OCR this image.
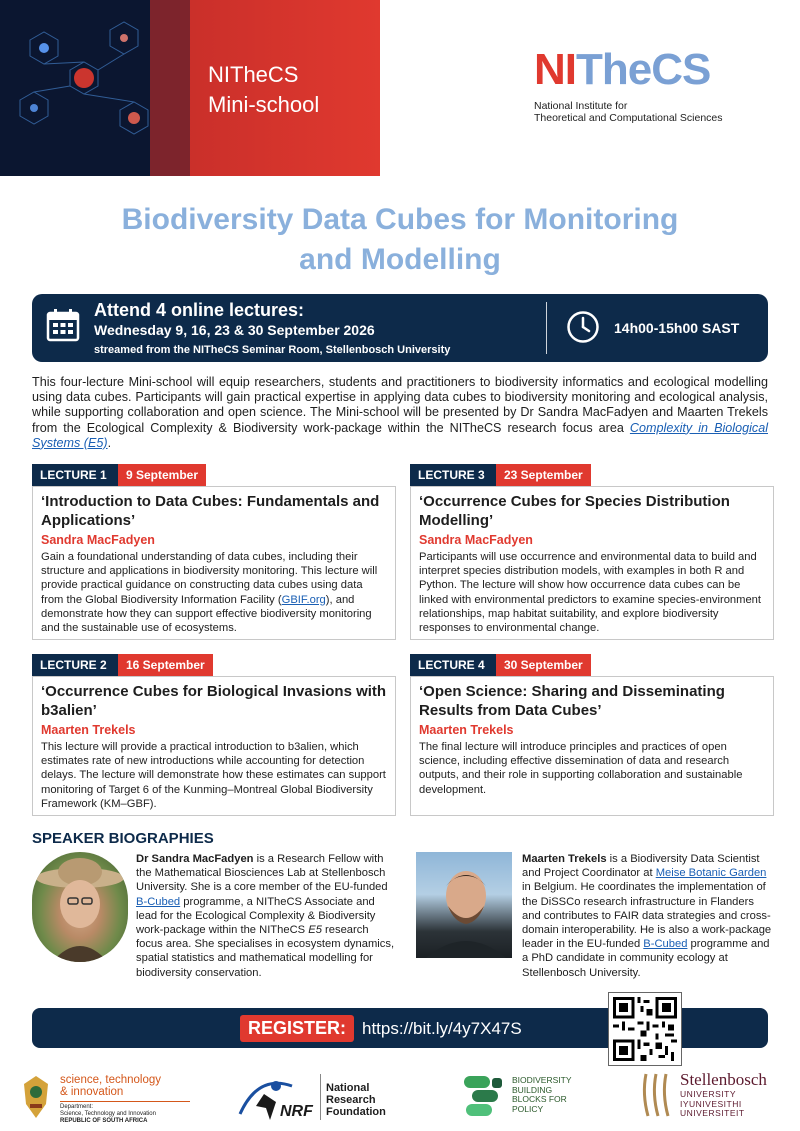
NITheCS
Mini-school
NITheCS
National Institute for
Theoretical and Computational Sciences
Biodiversity Data Cubes for Monitoring
and Modelling
Attend 4 online lectures:
Wednesday 9, 16, 23 & 30 September 2026
streamed from the NITheCS Seminar Room, Stellenbosch University
14h00-15h00 SAST

This four-lecture Mini-school will equip researchers, students and practitioners to biodiversity informatics and ecological modelling using data cubes. Participants will gain practical expertise in applying data cubes to biodiversity monitoring and ecological analysis, while supporting collaboration and open science. The Mini-school will be presented by Dr Sandra MacFadyen and Maarten Trekels from the Ecological Complexity & Biodiversity work-package within the NITheCS research focus area Complexity in Biological Systems (E5).

LECTURE 1	9 September
‘Introduction to Data Cubes: Fundamentals and Applications’
Sandra MacFadyen
Gain a foundational understanding of data cubes, including their structure and applications in biodiversity monitoring. This lecture will provide practical guidance on constructing data cubes using data from the Global Biodiversity Information Facility (GBIF.org), and demonstrate how they can support effective biodiversity monitoring and the sustainable use of ecosystems.
LECTURE 3	23 September
‘Occurrence Cubes for Species Distribution Modelling’
Sandra MacFadyen
Participants will use occurrence and environmental data to build and interpret species distribution models, with examples in both R and Python. The lecture will show how occurrence data cubes can be linked with environmental predictors to examine species-environment relationships, map habitat suitability, and explore biodiversity responses to environmental change.
LECTURE 2	16 September
‘Occurrence Cubes for Biological Invasions with b3alien’
Maarten Trekels
This lecture will provide a practical introduction to b3alien, which estimates rate of new introductions while accounting for detection delays. The lecture will demonstrate how these estimates can support monitoring of Target 6 of the Kunming–Montreal Global Biodiversity Framework (KM–GBF).
LECTURE 4	30 September
‘Open Science: Sharing and Disseminating Results from Data Cubes’
Maarten Trekels
The final lecture will introduce principles and practices of open science, including effective dissemination of data and research outputs, and their role in supporting collaboration and sustainable development.
SPEAKER BIOGRAPHIES
Dr Sandra MacFadyen is a Research Fellow with the Mathematical Biosciences Lab at Stellenbosch University. She is a core member of the EU-funded B-Cubed programme, a NITheCS Associate and lead for the Ecological Complexity & Biodiversity work-package within the NITheCS E5 research focus area. She specialises in ecosystem dynamics, spatial statistics and mathematical modelling for biodiversity conservation.
Maarten Trekels is a Biodiversity Data Scientist and Project Coordinator at Meise Botanic Garden in Belgium. He coordinates the implementation of the DiSSCo research infrastructure in Flanders and contributes to FAIR data strategies and cross-domain interoperability. He is also a work-package leader in the EU-funded B-Cubed programme and a PhD candidate in community ecology at Stellenbosch University.
REGISTER: https://bit.ly/4y7X47S
science, technology
& innovation
Department:
Science, Technology and Innovation
REPUBLIC OF SOUTH AFRICA
NRF
National
Research
Foundation
BIODIVERSITY
BUILDING
BLOCKS FOR
POLICY
Stellenbosch
UNIVERSITY
IYUNIVESITHI
UNIVERSITEIT
